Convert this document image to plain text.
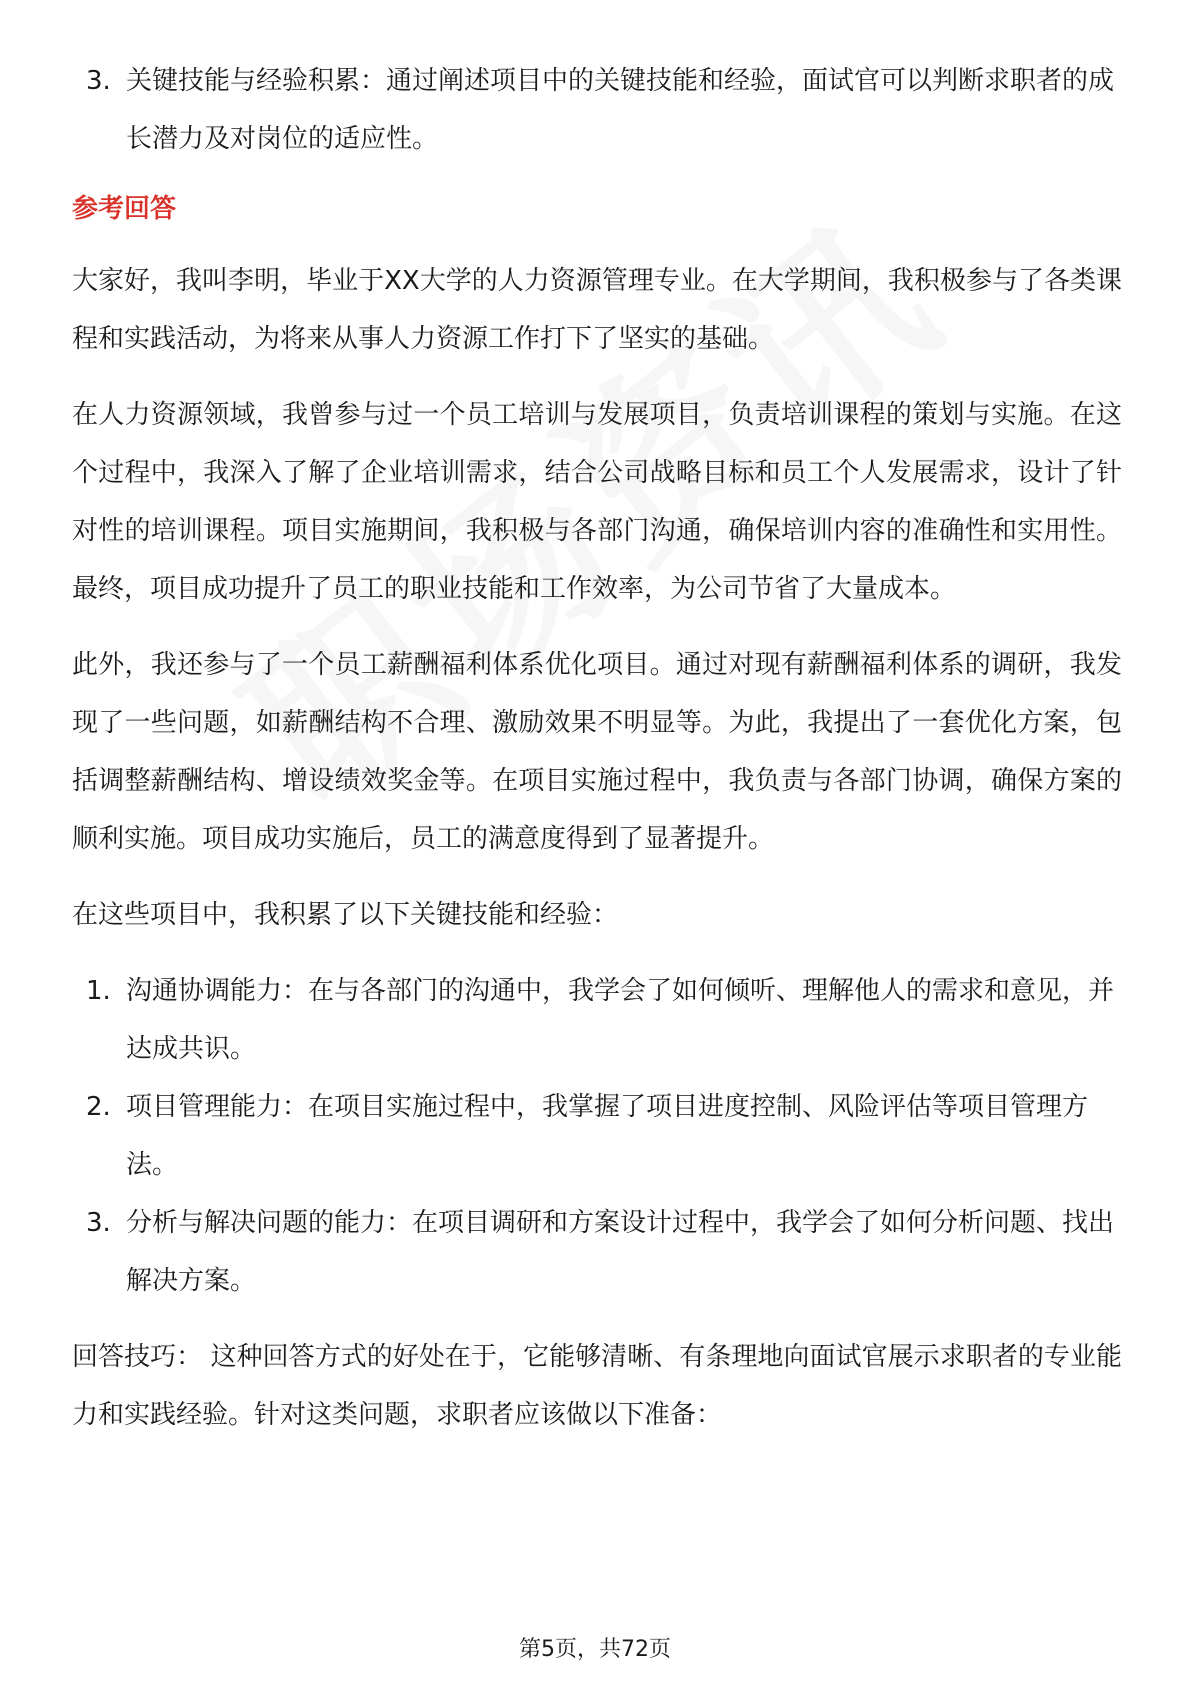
3. 关键技能与经验积累：通过阐述项目中的关键技能和经验，面试官可以判断求职者的成长潜力及对岗位的适应性。
参考回答

大家好，我叫李明，毕业于XX大学的人力资源管理专业。在大学期间，我积极参与了各类课程和实践活动，为将来从事人力资源工作打下了坚实的基础。

在人力资源领域，我曾参与过一个员工培训与发展项目，负责培训课程的策划与实施。在这个过程中，我深入了解了企业培训需求，结合公司战略目标和员工个人发展需求，设计了针对性的培训课程。项目实施期间，我积极与各部门沟通，确保培训内容的准确性和实用性。最终，项目成功提升了员工的职业技能和工作效率，为公司节省了大量成本。

此外，我还参与了一个员工薪酬福利体系优化项目。通过对现有薪酬福利体系的调研，我发现了一些问题，如薪酬结构不合理、激励效果不明显等。为此，我提出了一套优化方案，包括调整薪酬结构、增设绩效奖金等。在项目实施过程中，我负责与各部门协调，确保方案的顺利实施。项目成功实施后，员工的满意度得到了显著提升。

在这些项目中，我积累了以下关键技能和经验：

1. 沟通协调能力：在与各部门的沟通中，我学会了如何倾听、理解他人的需求和意见，并达成共识。
2. 项目管理能力：在项目实施过程中，我掌握了项目进度控制、风险评估等项目管理方法。
3. 分析与解决问题的能力：在项目调研和方案设计过程中，我学会了如何分析问题、找出解决方案。

回答技巧： 这种回答方式的好处在于，它能够清晰、有条理地向面试官展示求职者的专业能力和实践经验。针对这类问题，求职者应该做以下准备：

第5页，共72页
